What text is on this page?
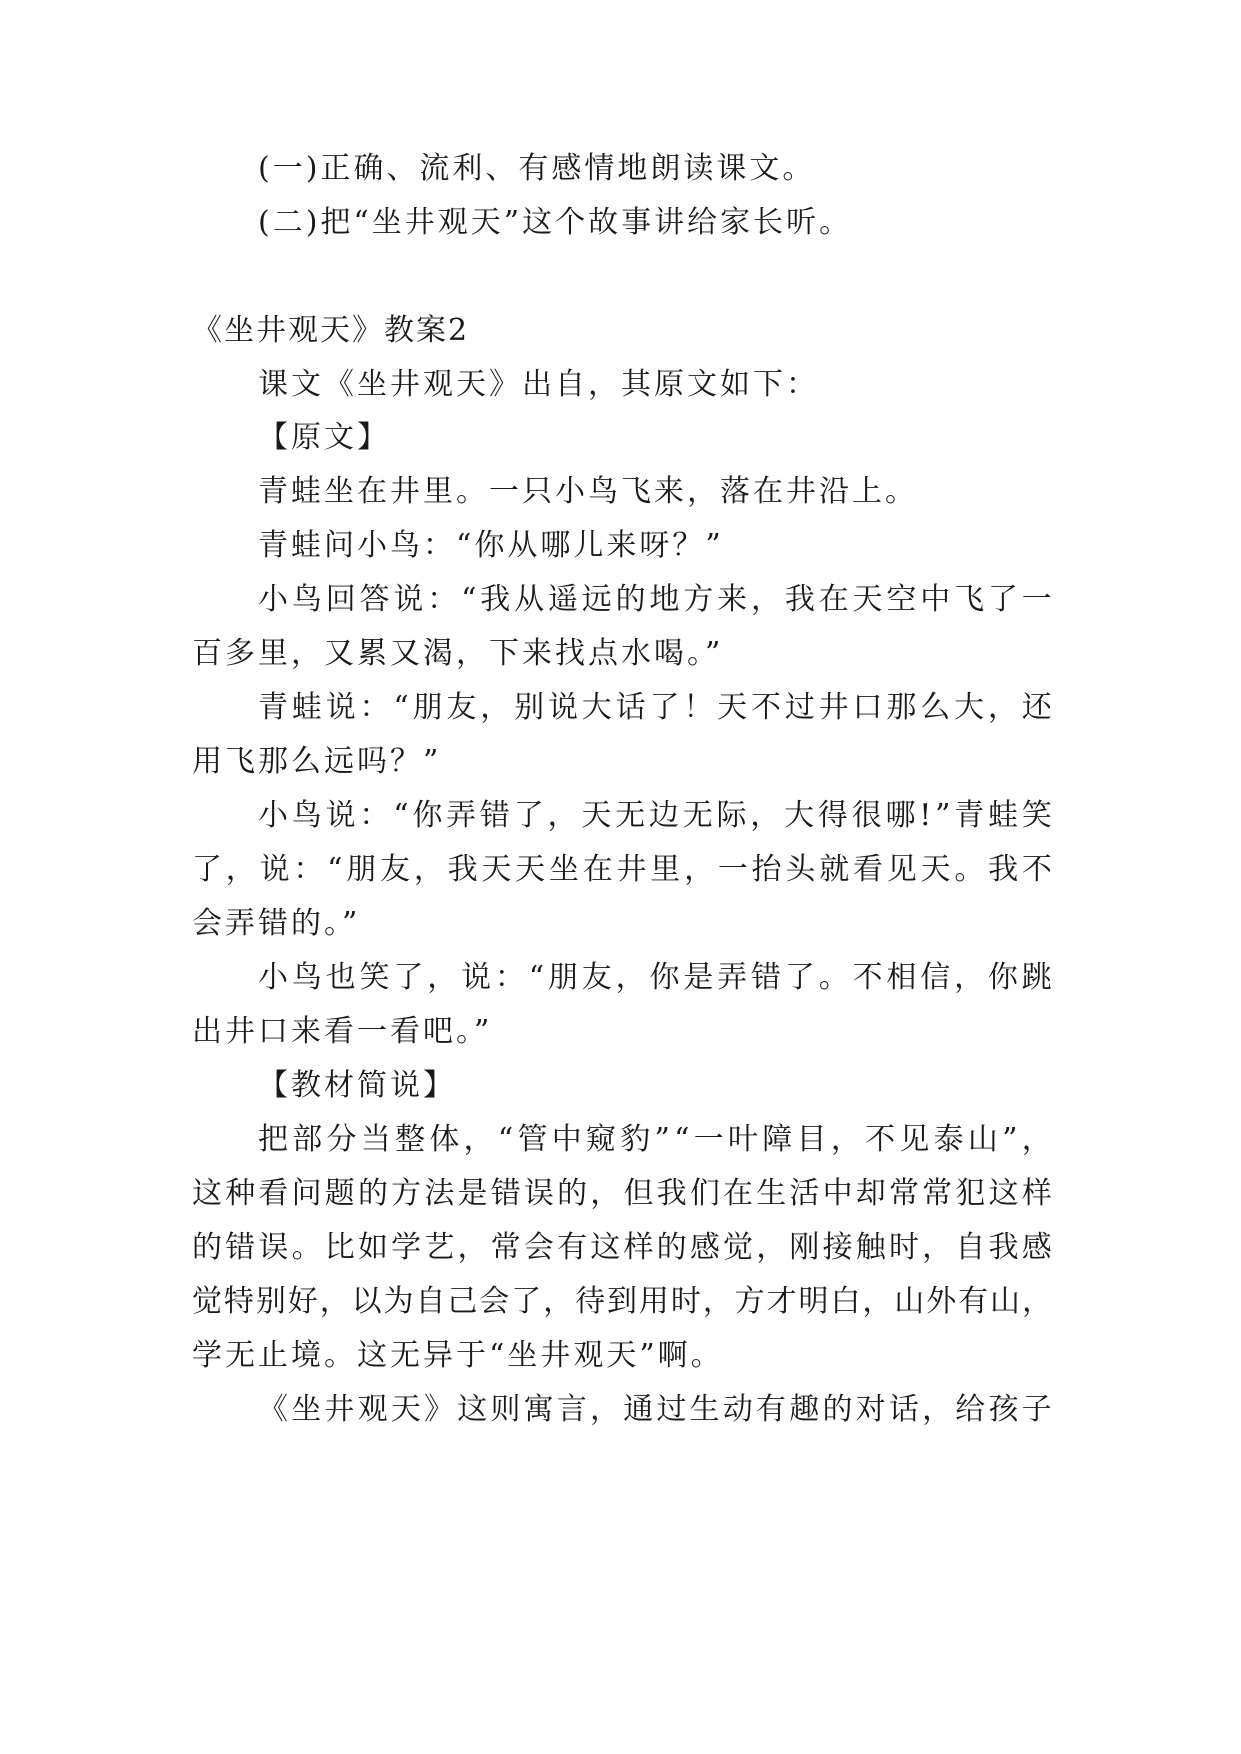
(一)正确、流利、有感情地朗读课文。
(二)把“坐井观天”这个故事讲给家长听。
《坐井观天》教案2
课文《坐井观天》出自，其原文如下：
【原文】
青蛙坐在井里。一只小鸟飞来，落在井沿上。
青蛙问小鸟：“你从哪儿来呀？”
小 鸟 回 答 说 ： “ 我 从 遥 远 的 地 方 来 ， 我 在 天 空 中 飞 了 一
百多里，又累又渴，下来找点水喝。”
青 蛙 说 ： “ 朋 友 ， 别 说 大 话 了 ！ 天 不 过 井 口 那 么 大 ， 还
用飞那么远吗？”
小 鸟 说 ： “ 你 弄 错 了 ， 天 无 边 无 际 ， 大 得 很 哪 ! ” 青 蛙 笑
了 ， 说 ： “ 朋 友 ， 我 天 天 坐 在 井 里 ， 一 抬 头 就 看 见 天 。 我 不
会弄错的。”
小 鸟 也 笑 了 ， 说 ： “ 朋 友 ， 你 是 弄 错 了 。 不 相 信 ， 你 跳
出井口来看一看吧。”
【教材简说】
把 部 分 当 整 体 ， “ 管 中 窥 豹 ” “ 一 叶 障 目 ， 不 见 泰 山 ” ，
这 种 看 问 题 的 方 法 是 错 误 的 ， 但 我 们 在 生 活 中 却 常 常 犯 这 样
的 错 误 。 比 如 学 艺 ， 常 会 有 这 样 的 感 觉 ， 刚 接 触 时 ， 自 我 感
觉 特 别 好 ， 以 为 自 己 会 了 ， 待 到 用 时 ， 方 才 明 白 ， 山 外 有 山 ，
学无止境。这无异于“坐井观天”啊。
《 坐 井 观 天 》 这 则 寓 言 ， 通 过 生 动 有 趣 的 对 话 ， 给 孩 子
